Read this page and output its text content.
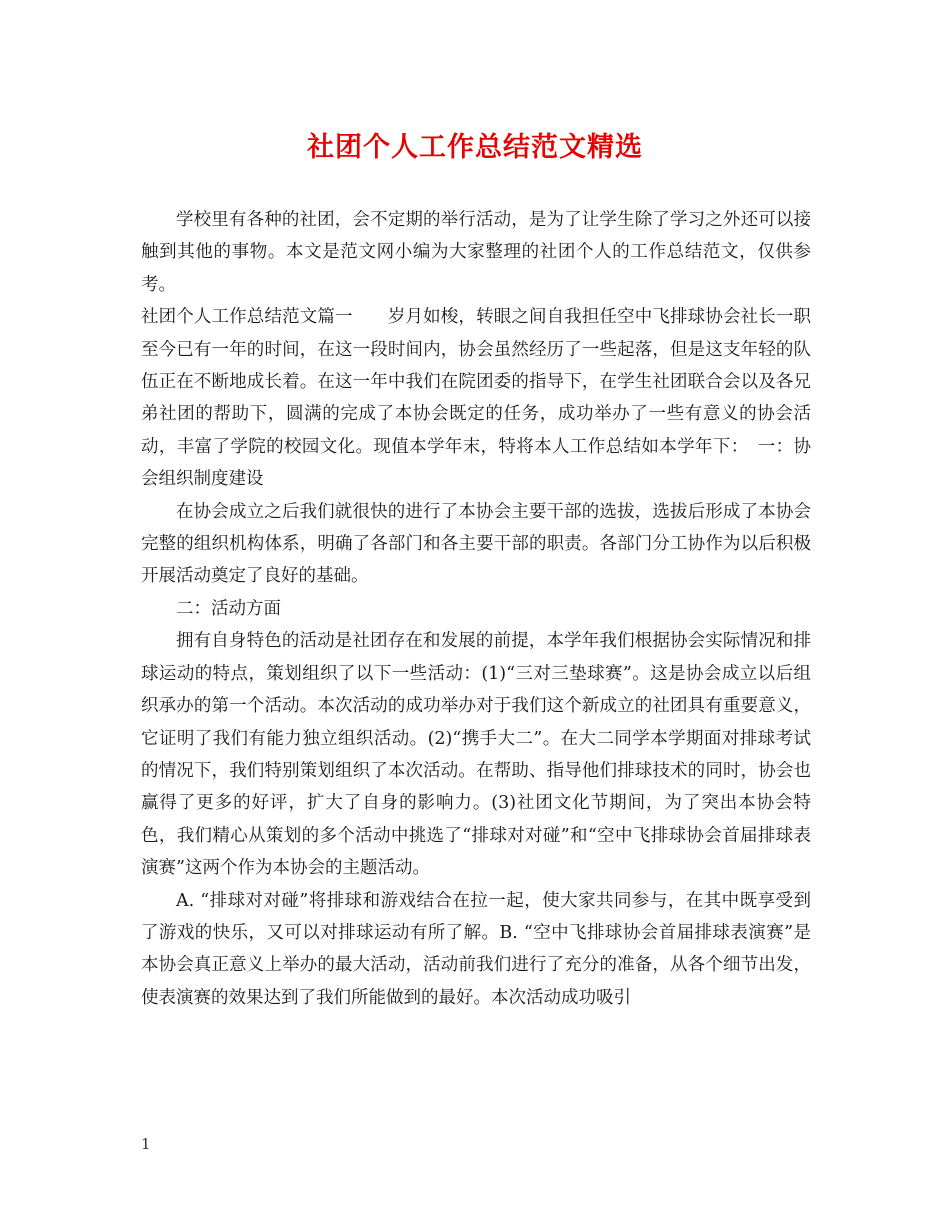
社团个人工作总结范文精选

学校里有各种的社团，会不定期的举行活动，是为了让学生除了学习之外还可以接触到其他的事物。本文是范文网小编为大家整理的社团个人的工作总结范文，仅供参考。

社团个人工作总结范文篇一　　岁月如梭，转眼之间自我担任空中飞排球协会社长一职至今已有一年的时间，在这一段时间内，协会虽然经历了一些起落，但是这支年轻的队伍正在不断地成长着。在这一年中我们在院团委的指导下，在学生社团联合会以及各兄弟社团的帮助下，圆满的完成了本协会既定的任务，成功举办了一些有意义的协会活动，丰富了学院的校园文化。现值本学年末，特将本人工作总结如本学年下：　一：协会组织制度建设

在协会成立之后我们就很快的进行了本协会主要干部的选拔，选拔后形成了本协会完整的组织机构体系，明确了各部门和各主要干部的职责。各部门分工协作为以后积极开展活动奠定了良好的基础。

二：活动方面

拥有自身特色的活动是社团存在和发展的前提，本学年我们根据协会实际情况和排球运动的特点，策划组织了以下一些活动：(1)“三对三垫球赛”。这是协会成立以后组织承办的第一个活动。本次活动的成功举办对于我们这个新成立的社团具有重要意义，它证明了我们有能力独立组织活动。(2)“携手大二”。在大二同学本学期面对排球考试的情况下，我们特别策划组织了本次活动。在帮助、指导他们排球技术的同时，协会也赢得了更多的好评，扩大了自身的影响力。(3)社团文化节期间，为了突出本协会特色，我们精心从策划的多个活动中挑选了“排球对对碰”和“空中飞排球协会首届排球表演赛”这两个作为本协会的主题活动。

A. “排球对对碰”将排球和游戏结合在拉一起，使大家共同参与，在其中既享受到了游戏的快乐，又可以对排球运动有所了解。B. “空中飞排球协会首届排球表演赛”是本协会真正意义上举办的最大活动，活动前我们进行了充分的准备，从各个细节出发，使表演赛的效果达到了我们所能做到的最好。本次活动成功吸引

1
